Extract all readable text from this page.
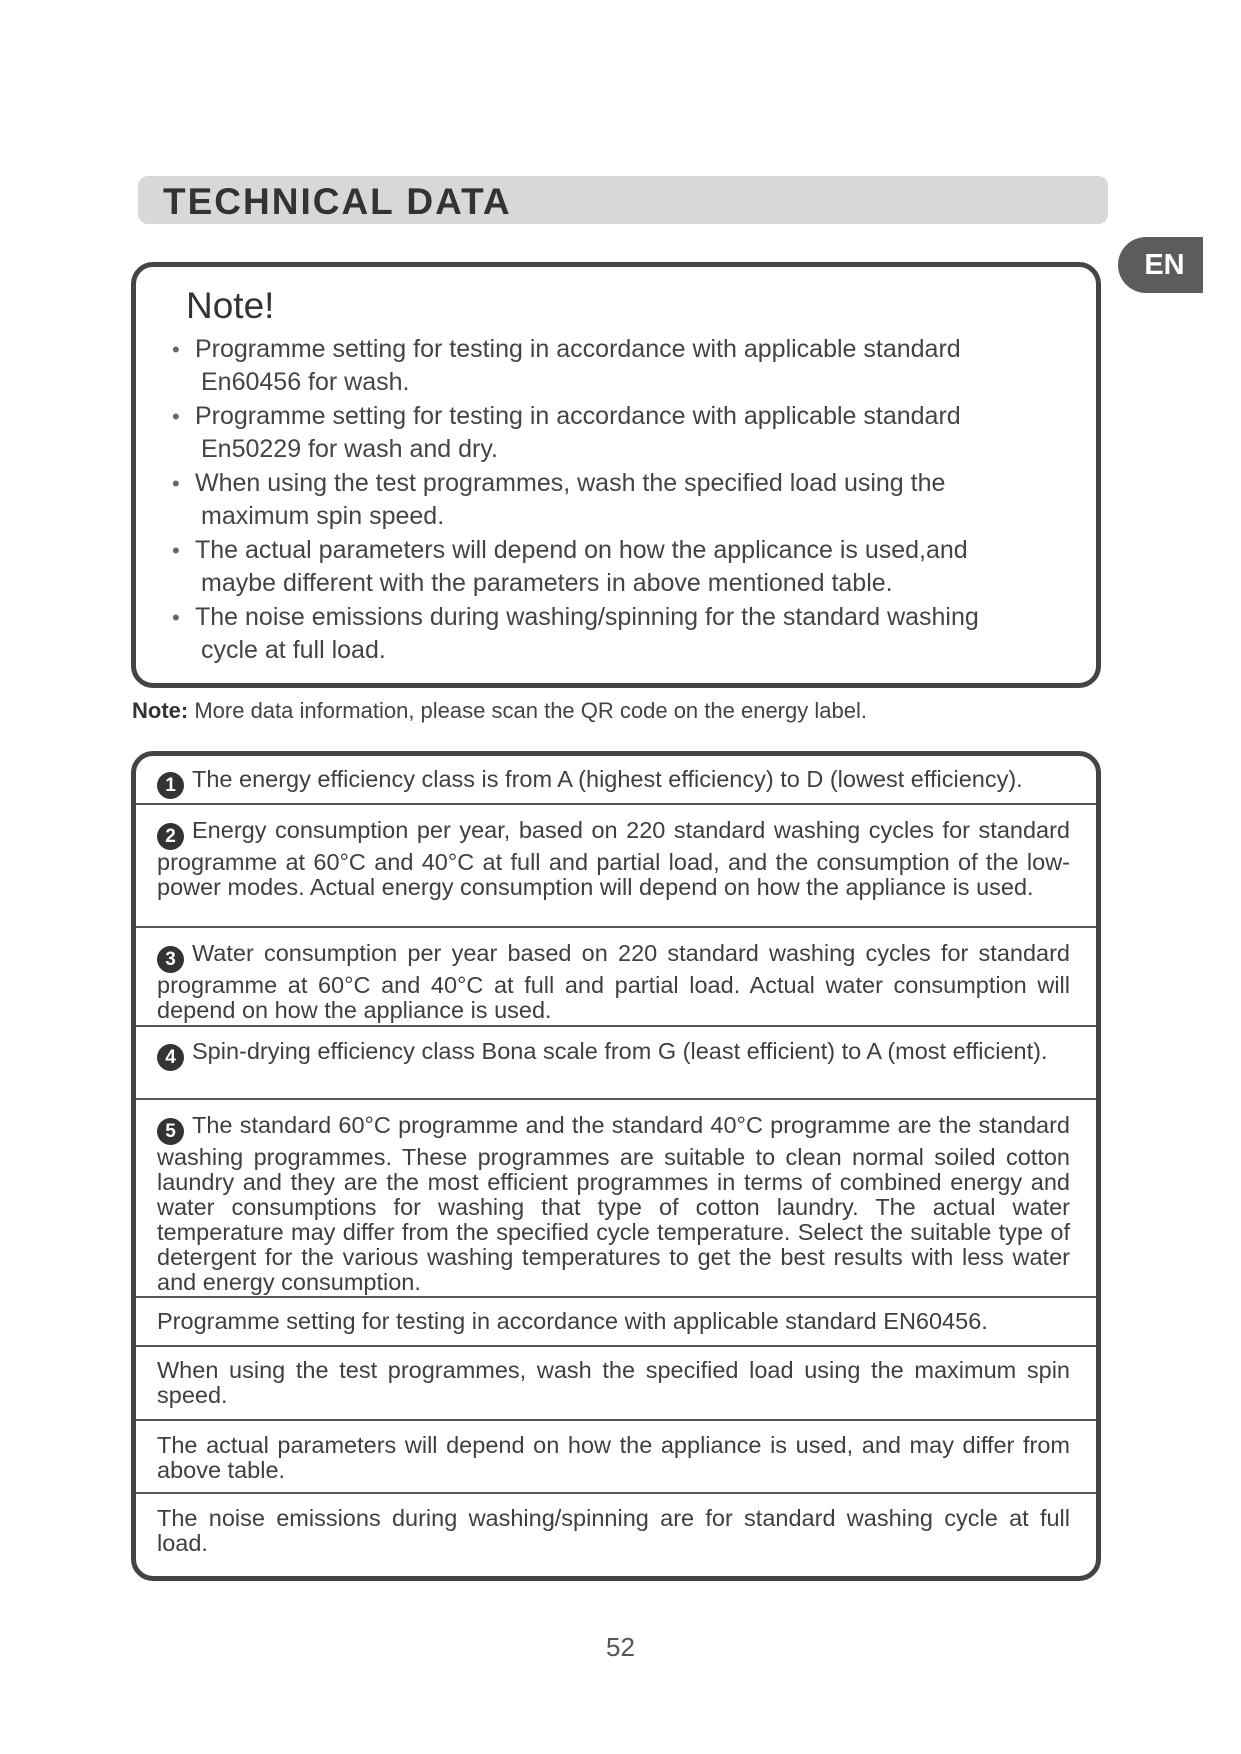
TECHNICAL DATA
EN
Note!
• Programme setting for testing in accordance with applicable standard
En60456 for wash.
• Programme setting for testing in accordance with applicable standard
En50229 for wash and dry.
• When using the test programmes, wash the specified load using the
maximum spin speed.
• The actual parameters will depend on how the applicance is used,and
maybe different with the parameters in above mentioned table.
• The noise emissions during washing/spinning for the standard washing
cycle at full load.
Note: More data information, please scan the QR code on the energy label.

1 The energy efficiency class is from A (highest efficiency) to D (lowest efficiency).

2 Energy consumption per year, based on 220 standard washing cycles for standard programme at 60°C and 40°C at full and partial load, and the consumption of the low-power modes. Actual energy consumption will depend on how the appliance is used.

3 Water consumption per year based on 220 standard washing cycles for standard programme at 60°C and 40°C at full and partial load. Actual water consumption will depend on how the appliance is used.

4 Spin-drying efficiency class Bona scale from G (least efficient) to A (most efficient).

5 The standard 60°C programme and the standard 40°C programme are the standard washing programmes. These programmes are suitable to clean normal soiled cotton laundry and they are the most efficient programmes in terms of combined energy and water consumptions for washing that type of cotton laundry. The actual water temperature may differ from the specified cycle temperature. Select the suitable type of detergent for the various washing temperatures to get the best results with less water and energy consumption.

Programme setting for testing in accordance with applicable standard EN60456.

When using the test programmes, wash the specified load using the maximum spin speed.

The actual parameters will depend on how the appliance is used, and may differ from above table.

The noise emissions during washing/spinning are for standard washing cycle at full load.

52
